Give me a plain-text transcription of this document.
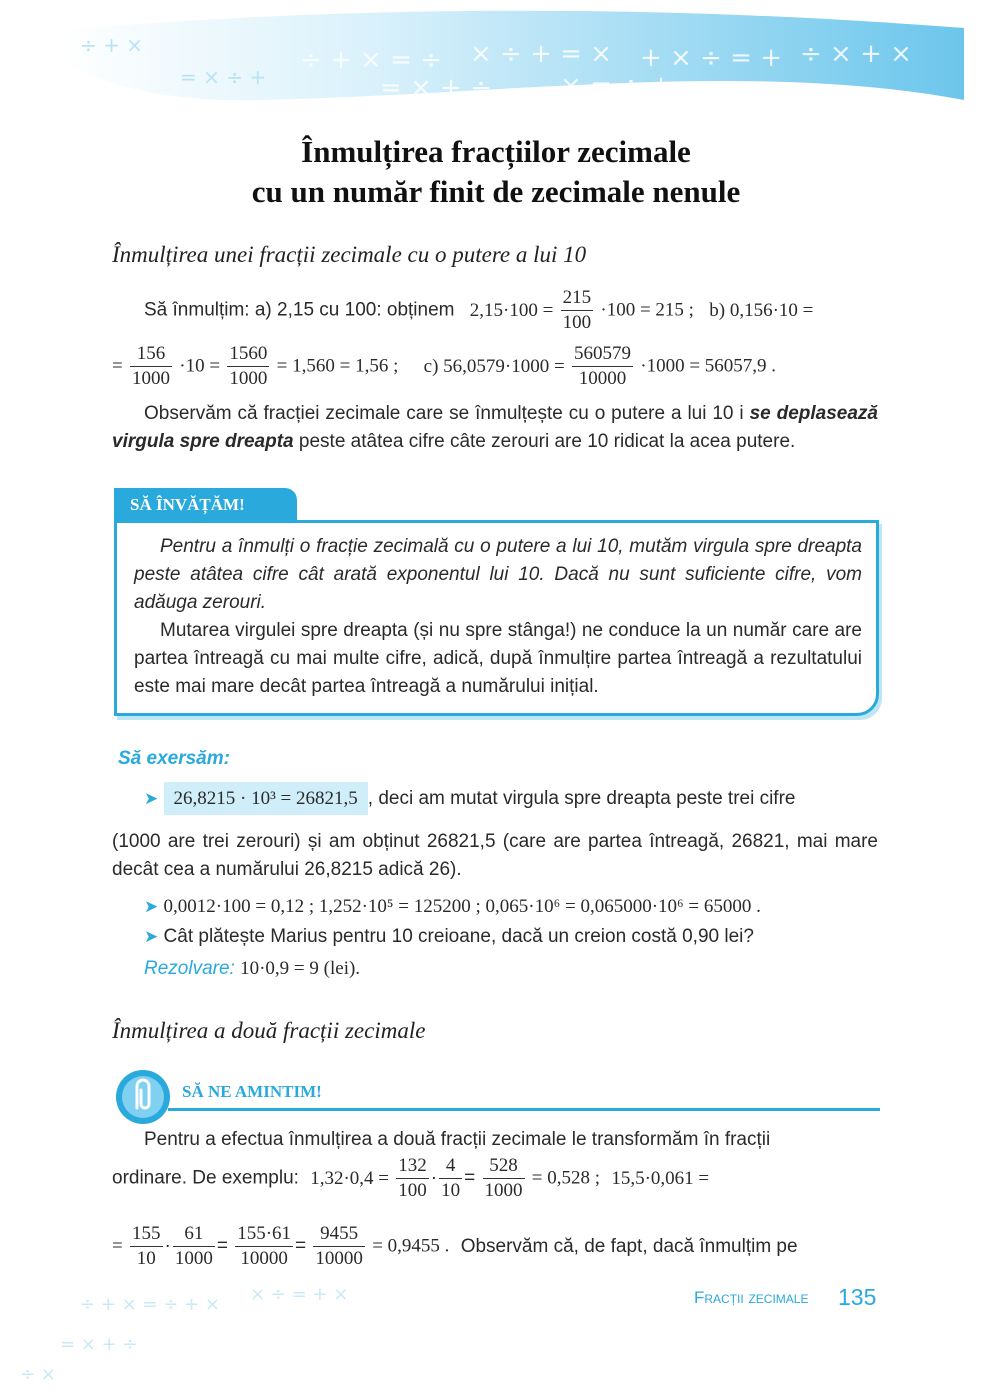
÷ + × = ÷ × ÷ + = × + × ÷ = + ÷ × + ×
= × + ÷	× = ÷ +
÷ + ×
= × ÷ +
Înmulțirea fracțiilor zecimale
cu un număr finit de zecimale nenule
Înmulțirea unei fracții zecimale cu o putere a lui 10
Să înmulțim: a) 2,15 cu 100: obținem $2,15\cdot 100 = \frac{215}{100} \cdot 100 = 215$ ; b) 0,156·10 =
= $\frac{156}{1000} \cdot 10 = \frac{1560}{1000} = 1,560 = 1,56$ ; c) $56,0579\cdot 1000 = \frac{560579}{10000} \cdot 1000 = 56057,9$ .
Observăm că fracției zecimale care se înmulțește cu o putere a lui 10 i se deplasează virgula spre dreapta peste atâtea cifre câte zerouri are 10 ridicat la acea putere.
SĂ ÎNVĂȚĂM!
Pentru a înmulți o fracție zecimală cu o putere a lui 10, mutăm virgula spre dreapta peste atâtea cifre cât arată exponentul lui 10. Dacă nu sunt suficiente cifre, vom adăuga zerouri.
Mutarea virgulei spre dreapta (și nu spre stânga!) ne conduce la un număr care are partea întreagă cu mai multe cifre, adică, după înmulțire partea întreagă a rezultatului este mai mare decât partea întreagă a numărului inițial.
Să exersăm:
➤ 26,8215 · 10³ = 26821,5 , deci am mutat virgula spre dreapta peste trei cifre
(1000 are trei zerouri) și am obținut 26821,5 (care are partea întreagă, 26821, mai mare decât cea a numărului 26,8215 adică 26).
➤ 0,0012·100 = 0,12 ; 1,252·10⁵ = 125200 ; 0,065·10⁶ = 0,065000·10⁶ = 65000 .
➤ Cât plătește Marius pentru 10 creioane, dacă un creion costă 0,90 lei?
Rezolvare: 10·0,9 = 9 (lei).
Înmulțirea a două fracții zecimale
SĂ NE AMINTIM!
Pentru a efectua înmulțirea a două fracții zecimale le transformăm în fracții
ordinare. De exemplu: $1,32\cdot 0,4 = \frac{132}{100} \cdot \frac{4}{10} = \frac{528}{1000} = 0,528$ ; 15,5·0,061 =
= $\frac{155}{10} \cdot \frac{61}{1000} = \frac{155\cdot 61}{10000} = \frac{9455}{10000} = 0,9455$ . Observăm că, de fapt, dacă înmulțim pe
÷ + × = ÷ + × × ÷ = + ×
= × + ÷
÷ ×
Fracții zecimale 135
